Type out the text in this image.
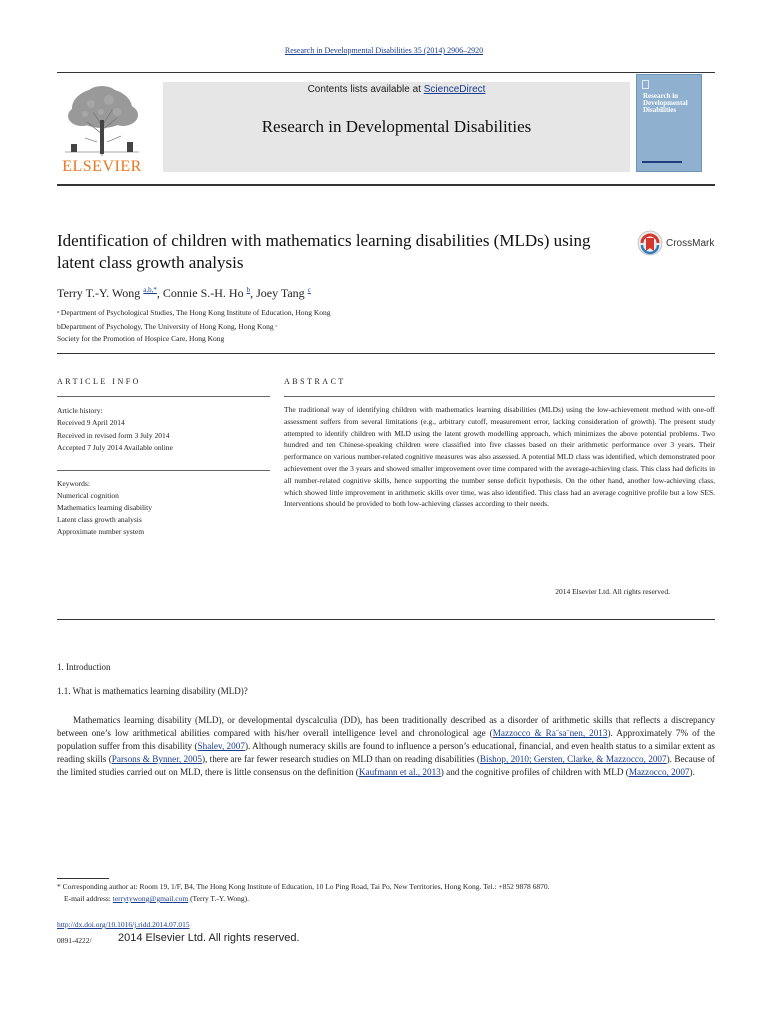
Research in Developmental Disabilities 35 (2014) 2906–2920
ELSEVIER
Contents lists available at ScienceDirect
Research in Developmental Disabilities
Research in Developmental Disabilities
Identification of children with mathematics learning disabilities (MLDs) using latent class growth analysis
CrossMark
Terry T.-Y. Wong $^{a,b,*}$, Connie S.-H. Ho $^b$, Joey Tang $^c$
ᵃ Department of Psychological Studies, The Hong Kong Institute of Education, Hong Kong
bDepartment of Psychology, The University of Hong Kong, Hong Kong ᶜ
Society for the Promotion of Hospice Care, Hong Kong
ARTICLE INFO
Article history:
Received 9 April 2014
Received in revised form 3 July 2014
Accepted 7 July 2014 Available online
Keywords:
Numerical cognition
Mathematics learning disability
Latent class growth analysis
Approximate number system
ABSTRACT
The traditional way of identifying children with mathematics learning disabilities (MLDs) using the low-achievement method with one-off assessment suffers from several limitations (e.g., arbitrary cutoff, measurement error, lacking consideration of growth). The present study attempted to identify children with MLD using the latent growth modelling approach, which minimizes the above potential problems. Two hundred and ten Chinese-speaking children were classified into five classes based on their arithmetic performance over 3 years. Their performance on various number-related cognitive measures was also assessed. A potential MLD class was identified, which demonstrated poor achievement over the 3 years and showed smaller improvement over time compared with the average-achieving class. This class had deficits in all number-related cognitive skills, hence supporting the number sense deficit hypothesis. On the other hand, another low-achieving class, which showed little improvement in arithmetic skills over time, was also identified. This class had an average cognitive profile but a low SES. Interventions should be provided to both low-achieving classes according to their needs.
2014 Elsevier Ltd. All rights reserved.
1. Introduction
1.1. What is mathematics learning disability (MLD)?
Mathematics learning disability (MLD), or developmental dyscalculia (DD), has been traditionally described as a disorder of arithmetic skills that reflects a discrepancy between one’s low arithmetical abilities compared with his/her overall intelligence level and chronological age (Mazzocco & Ra¨sa¨nen, 2013). Approximately 7% of the population suffer from this disability (Shalev, 2007). Although numeracy skills are found to influence a person’s educational, financial, and even health status to a similar extent as reading skills (Parsons & Bynner, 2005), there are far fewer research studies on MLD than on reading disabilities (Bishop, 2010; Gersten, Clarke, & Mazzocco, 2007). Because of the limited studies carried out on MLD, there is little consensus on the definition (Kaufmann et al., 2013) and the cognitive profiles of children with MLD (Mazzocco, 2007).
* Corresponding author at: Room 19, 1/F, B4, The Hong Kong Institute of Education, 10 Lo Ping Road, Tai Po, New Territories, Hong Kong. Tel.: +852 9878 6870.
E-mail address: terrytywong@gmail.com (Terry T.-Y. Wong).
http://dx.doi.org/10.1016/j.ridd.2014.07.015
0891-4222/ 2014 Elsevier Ltd. All rights reserved.
